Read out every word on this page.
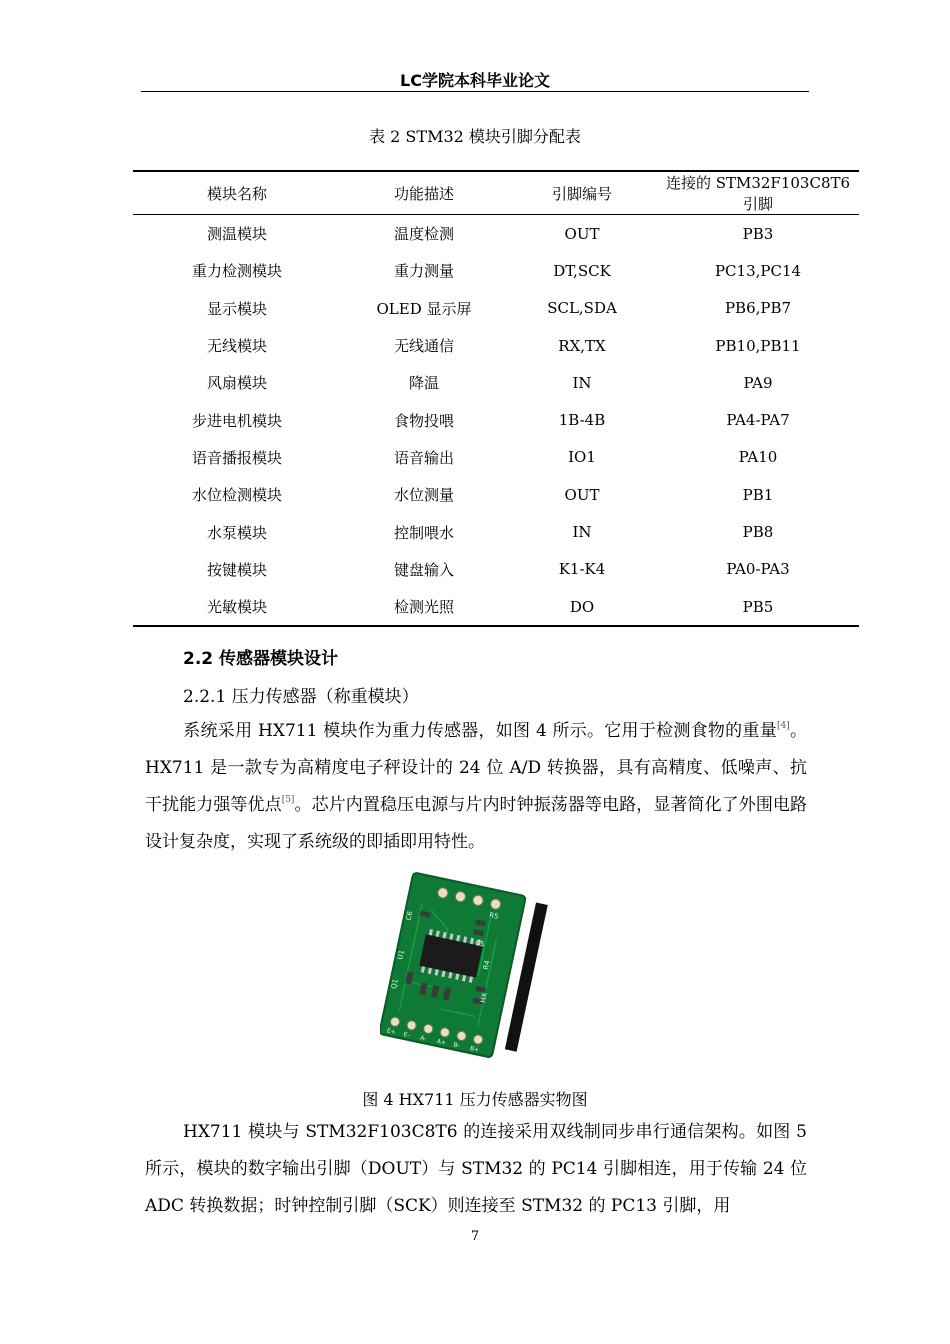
LC学院本科毕业论文
表 2 STM32 模块引脚分配表
模块名称	功能描述	引脚编号	连接的 STM32F103C8T6 引脚
测温模块	温度检测	OUT	PB3
重力检测模块	重力测量	DT,SCK	PC13,PC14
显示模块	OLED 显示屏	SCL,SDA	PB6,PB7
无线模块	无线通信	RX,TX	PB10,PB11
风扇模块	降温	IN	PA9
步进电机模块	食物投喂	1B-4B	PA4-PA7
语音播报模块	语音输出	IO1	PA10
水位检测模块	水位测量	OUT	PB1
水泵模块	控制喂水	IN	PB8
按键模块	键盘输入	K1-K4	PA0-PA3
光敏模块	检测光照	DO	PB5
2.2 传感器模块设计
2.2.1 压力传感器（称重模块）

系统采用 HX711 模块作为重力传感器，如图 4 所示。它用于检测食物的重量[4]。HX711 是一款专为高精度电子秤设计的 24 位 A/D 转换器，具有高精度、低噪声、抗干扰能力强等优点[5]。芯片内置稳压电源与片内时钟振荡器等电路，显著简化了外围电路设计复杂度，实现了系统级的即插即用特性。

C6	R5
C5
R4
U1
Q1
HX
E+ E- A- A+ B- B+
图 4 HX711 压力传感器实物图

HX711 模块与 STM32F103C8T6 的连接采用双线制同步串行通信架构。如图 5 所示，模块的数字输出引脚（DOUT）与 STM32 的 PC14 引脚相连，用于传输 24 位 ADC 转换数据；时钟控制引脚（SCK）则连接至 STM32 的 PC13 引脚，用

7
